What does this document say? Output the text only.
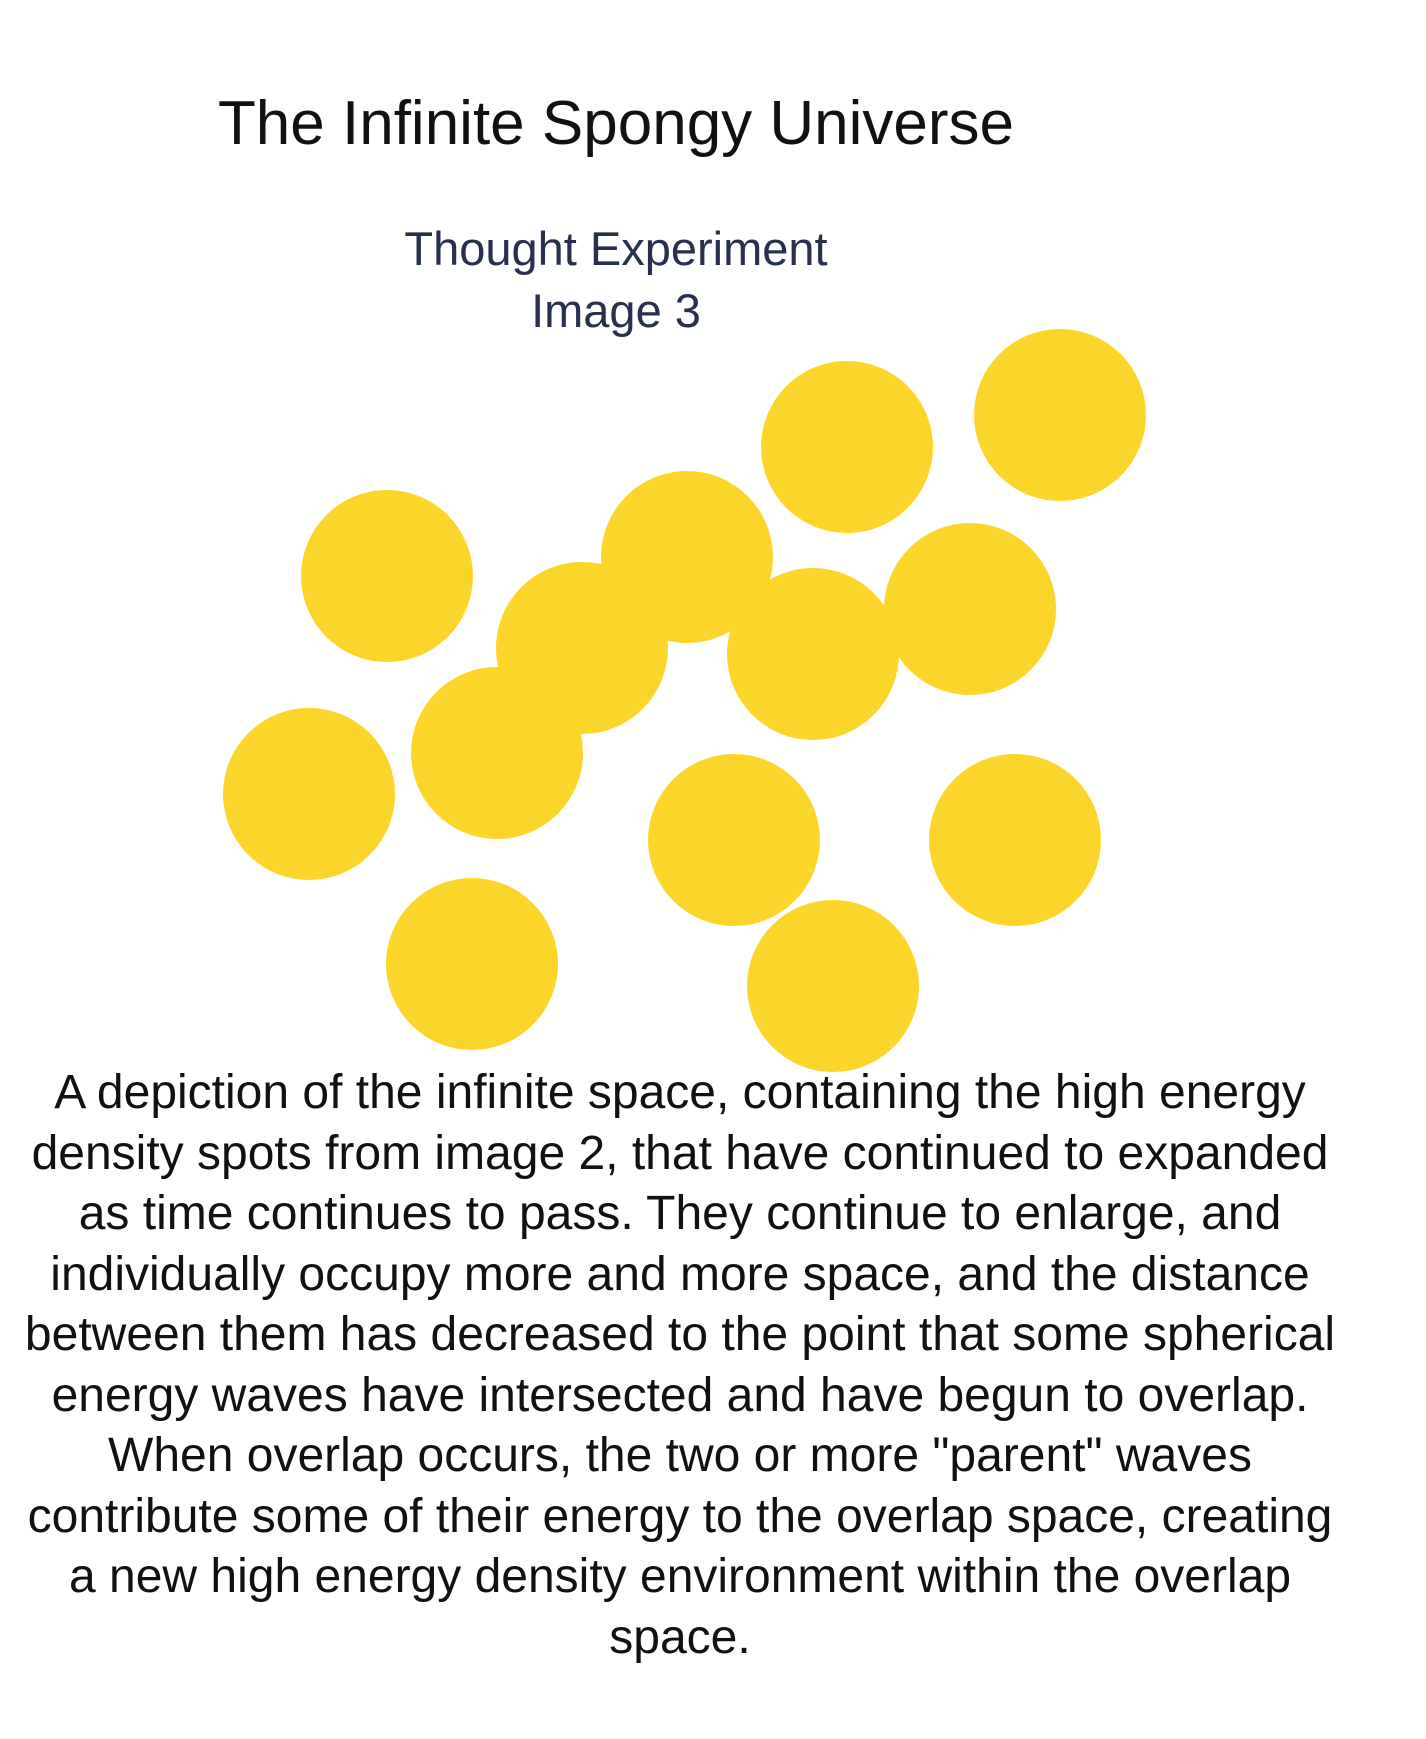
The Infinite Spongy Universe
Thought Experiment
Image 3
A depiction of the infinite space, containing the high energy
density spots from image 2, that have continued to expanded
as time continues to pass. They continue to enlarge, and
individually occupy more and more space, and the distance
between them has decreased to the point that some spherical
energy waves have intersected and have begun to overlap.
When overlap occurs, the two or more "parent" waves
contribute some of their energy to the overlap space, creating
a new high energy density environment within the overlap
space.
